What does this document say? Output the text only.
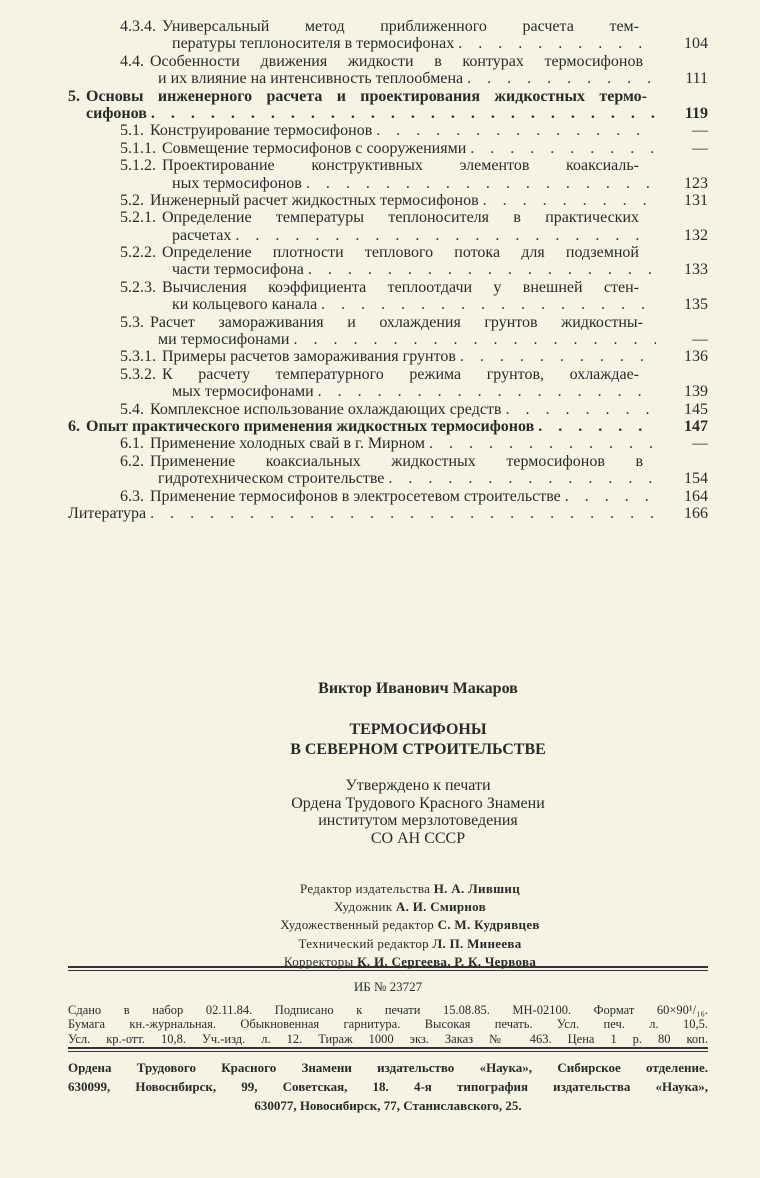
4.3.4. Универсальный метод приближенного расчета тем-
пературы теплоносителя в термосифонах . . .	104
4.4. Особенности движения жидкости в контурах термосифонов
и их влияние на интенсивность теплообмена . . .	111
5. Основы инженерного расчета и проектирования жидкостных термо-
сифонов . . .	119
5.1. Конструирование термосифонов . . .	—
5.1.1. Совмещение термосифонов с сооружениями . . .	—
5.1.2. Проектирование конструктивных элементов коаксиаль-
ных термосифонов . . .	123
5.2. Инженерный расчет жидкостных термосифонов . . .	131
5.2.1. Определение температуры теплоносителя в практических
расчетах . . .	132
5.2.2. Определение плотности теплового потока для подземной
части термосифона . . .	133
5.2.3. Вычисления коэффициента теплоотдачи у внешней стен-
ки кольцевого канала . . .	135
5.3. Расчет замораживания и охлаждения грунтов жидкостны-
ми термосифонами . . .	—
5.3.1. Примеры расчетов замораживания грунтов . . .	136
5.3.2. К расчету температурного режима грунтов, охлаждае-
мых термосифонами . . .	139
5.4. Комплексное использование охлаждающих средств . . .	145
6. Опыт практического применения жидкостных термосифонов . . .	147
6.1. Применение холодных свай в г. Мирном . . .	—
6.2. Применение коаксиальных жидкостных термосифонов в
гидротехническом строительстве . . .	154
6.3. Применение термосифонов в электросетевом строительстве . . .	164
Литература . . .	166
Виктор Иванович Макаров
ТЕРМОСИФОНЫ
В СЕВЕРНОМ СТРОИТЕЛЬСТВЕ
Утверждено к печати
Ордена Трудового Красного Знамени
институтом мерзлотоведения
СО АН СССР
Редактор издательства Н. А. Лившиц
Художник А. И. Смирнов
Художественный редактор С. М. Кудрявцев
Технический редактор Л. П. Минеева
Корректоры К. И. Сергеева, Р. К. Червова
ИБ № 23727
Сдано в набор 02.11.84. Подписано к печати 15.08.85. МН-02100. Формат 60×90¹/₁₆.
Бумага кн.-журнальная. Обыкновенная гарнитура. Высокая печать. Усл. печ. л. 10,5.
Усл. кр.-отт. 10,8. Уч.-изд. л. 12. Тираж 1000 экз. Заказ № 463. Цена 1 р. 80 коп.
Ордена Трудового Красного Знамени издательство «Наука», Сибирское отделение.
630099, Новосибирск, 99, Советская, 18. 4-я типография издательства «Наука»,
630077, Новосибирск, 77, Станиславского, 25.
